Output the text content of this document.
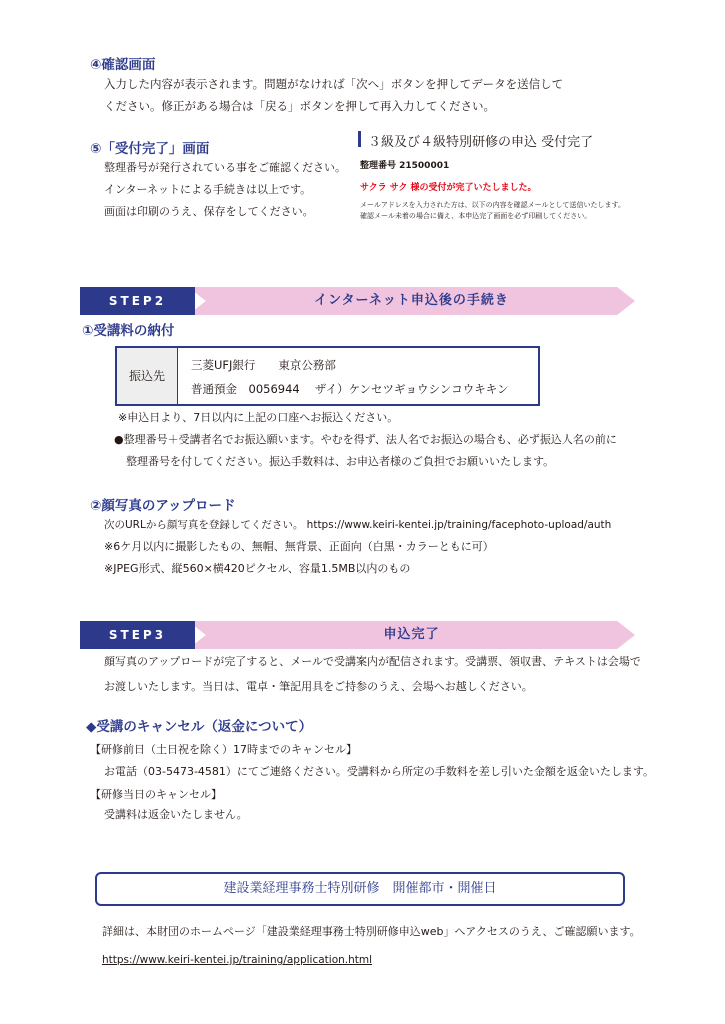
④確認画面
入力した内容が表示されます。問題がなければ「次へ」ボタンを押してデータを送信して
ください。修正がある場合は「戻る」ボタンを押して再入力してください。
⑤「受付完了」画面
整理番号が発行されている事をご確認ください。
インターネットによる手続きは以上です。
画面は印刷のうえ、保存をしてください。
３級及び４級特別研修の申込 受付完了
整理番号 21500001
サクラ サク 様の受付が完了いたしました。
メールアドレスを入力された方は、以下の内容を確認メールとして送信いたします。
確認メール未着の場合に備え、本申込完了画面を必ず印刷してください。
STEP2	インターネット申込後の手続き
①受講料の納付
振込先
三菱UFJ銀行　　東京公務部
普通預金　0056944　 ザイ）ケンセツギョウシンコウキキン
※申込日より、7日以内に上記の口座へお振込ください。
●整理番号＋受講者名でお振込願います。やむを得ず、法人名でお振込の場合も、必ず振込人名の前に
整理番号を付してください。振込手数料は、お申込者様のご負担でお願いいたします。
②顔写真のアップロード
次のURLから顔写真を登録してください。 https://www.keiri-kentei.jp/training/facephoto-upload/auth
※6ケ月以内に撮影したもの、無帽、無背景、正面向（白黒・カラーともに可）
※JPEG形式、縦560×横420ピクセル、容量1.5MB以内のもの
STEP3	申込完了
顔写真のアップロードが完了すると、メールで受講案内が配信されます。受講票、領収書、テキストは会場で
お渡しいたします。当日は、電卓・筆記用具をご持参のうえ、会場へお越しください。
◆受講のキャンセル（返金について）
【研修前日（土日祝を除く）17時までのキャンセル】
お電話（03-5473-4581）にてご連絡ください。受講料から所定の手数料を差し引いた金額を返金いたします。
【研修当日のキャンセル】
受講料は返金いたしません。
建設業経理事務士特別研修　開催都市・開催日
詳細は、本財団のホームページ「建設業経理事務士特別研修申込web」へアクセスのうえ、ご確認願います。
https://www.keiri-kentei.jp/training/application.html
